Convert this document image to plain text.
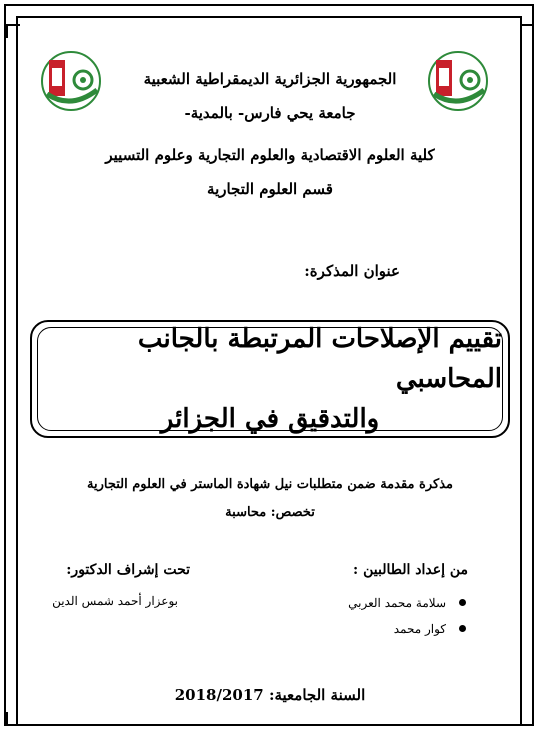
الجمهورية الجزائرية الديمقراطية الشعبية
جامعة يحي فارس- بالمدية-
كلية العلوم الاقتصادية والعلوم التجارية وعلوم التسيير
قسم العلوم التجارية
عنوان المذكرة:
تقييم الإصلاحات المرتبطة بالجانب المحاسبي
والتدقيق في الجزائر
مذكرة مقدمة ضمن متطلبات نيل شهادة الماستر في العلوم التجارية
تخصص: محاسبة
تحت إشراف الدكتور:
بوعزار أحمد شمس الدين
من إعداد الطالبين :
سلامة محمد العربي
كوار محمد
السنة الجامعية: 2018/2017
